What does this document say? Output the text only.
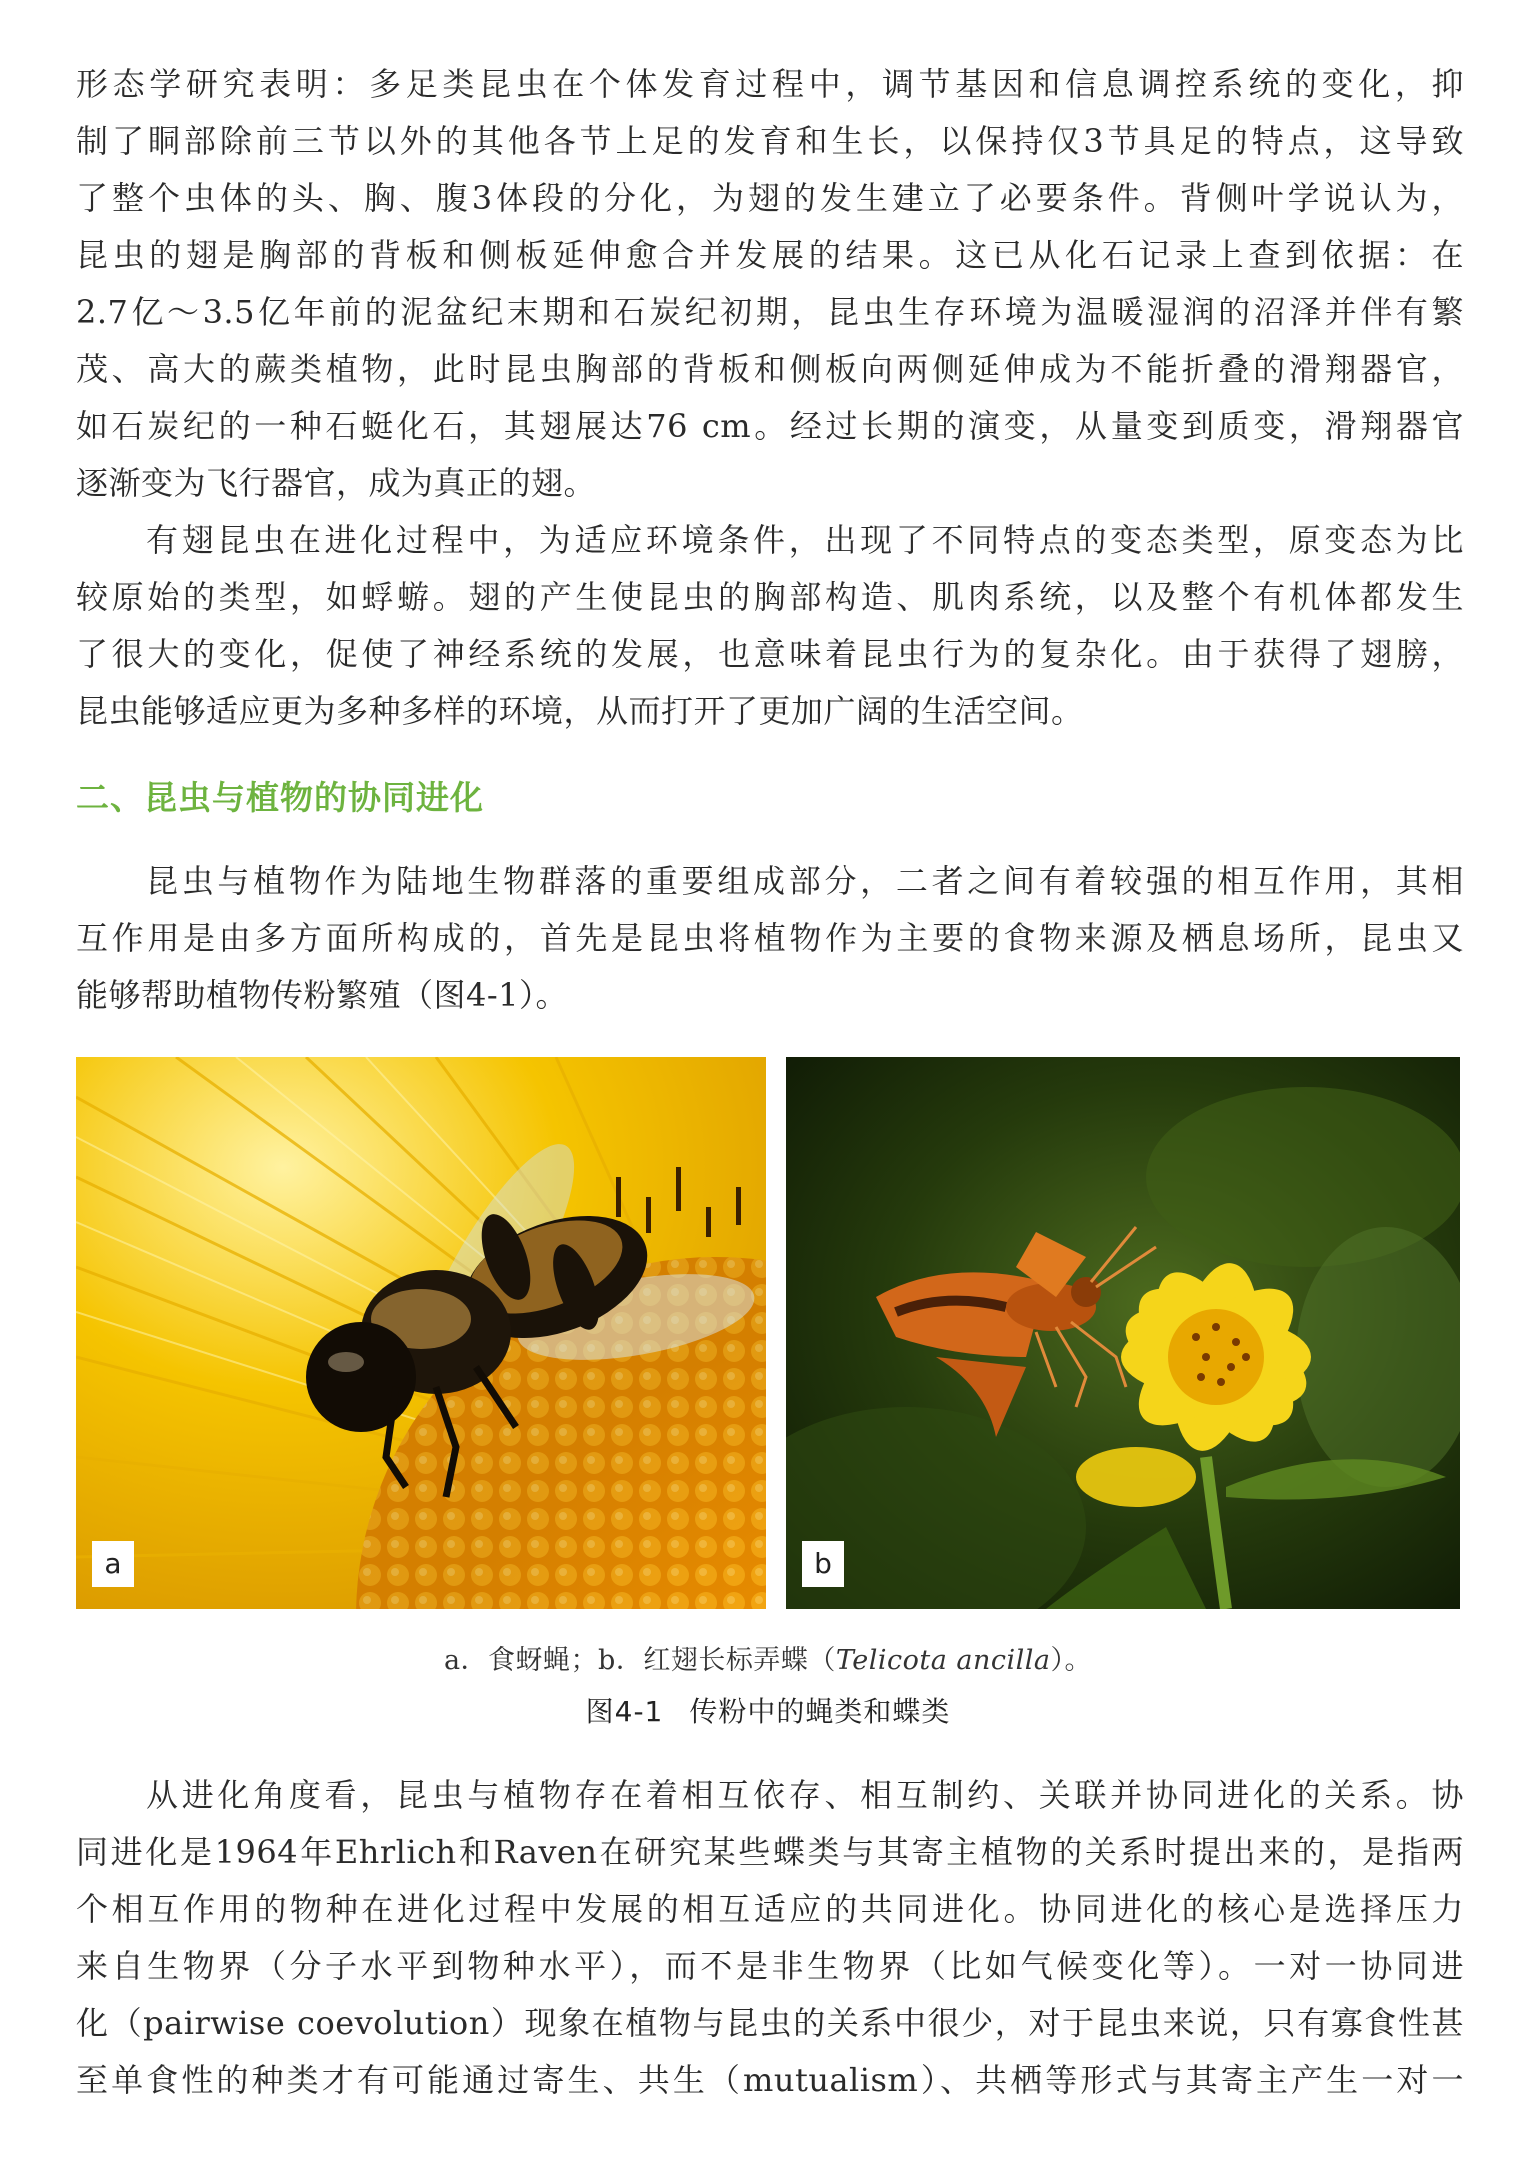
形态学研究表明：多足类昆虫在个体发育过程中，调节基因和信息调控系统的变化，抑
制了眮部除前三节以外的其他各节上足的发育和生长，以保持仅3节具足的特点，这导致
了整个虫体的头、胸、腹3体段的分化，为翅的发生建立了必要条件。背侧叶学说认为，
昆虫的翅是胸部的背板和侧板延伸愈合并发展的结果。这已从化石记录上查到依据：在
2.7亿～3.5亿年前的泥盆纪末期和石炭纪初期，昆虫生存环境为温暖湿润的沼泽并伴有繁
茂、高大的蕨类植物，此时昆虫胸部的背板和侧板向两侧延伸成为不能折叠的滑翔器官，
如石炭纪的一种石蜓化石，其翅展达76 cm。经过长期的演变，从量变到质变，滑翔器官
逐渐变为飞行器官，成为真正的翅。
有翅昆虫在进化过程中，为适应环境条件，出现了不同特点的变态类型，原变态为比
较原始的类型，如蜉蝣。翅的产生使昆虫的胸部构造、肌肉系统，以及整个有机体都发生
了很大的变化，促使了神经系统的发展，也意味着昆虫行为的复杂化。由于获得了翅膀，
昆虫能够适应更为多种多样的环境，从而打开了更加广阔的生活空间。
二、昆虫与植物的协同进化
昆虫与植物作为陆地生物群落的重要组成部分，二者之间有着较强的相互作用，其相
互作用是由多方面所构成的，首先是昆虫将植物作为主要的食物来源及栖息场所，昆虫又
能够帮助植物传粉繁殖（图4-1）。
a	b
a．食蚜蝇；b．红翅长标弄蝶（Telicota ancilla）。
图4-1 传粉中的蝇类和蝶类
从进化角度看，昆虫与植物存在着相互依存、相互制约、关联并协同进化的关系。协
同进化是1964年Ehrlich和Raven在研究某些蝶类与其寄主植物的关系时提出来的，是指两
个相互作用的物种在进化过程中发展的相互适应的共同进化。协同进化的核心是选择压力
来自生物界（分子水平到物种水平），而不是非生物界（比如气候变化等）。一对一协同进
化（pairwise coevolution）现象在植物与昆虫的关系中很少，对于昆虫来说，只有寡食性甚
至单食性的种类才有可能通过寄生、共生（mutualism）、共栖等形式与其寄主产生一对一
